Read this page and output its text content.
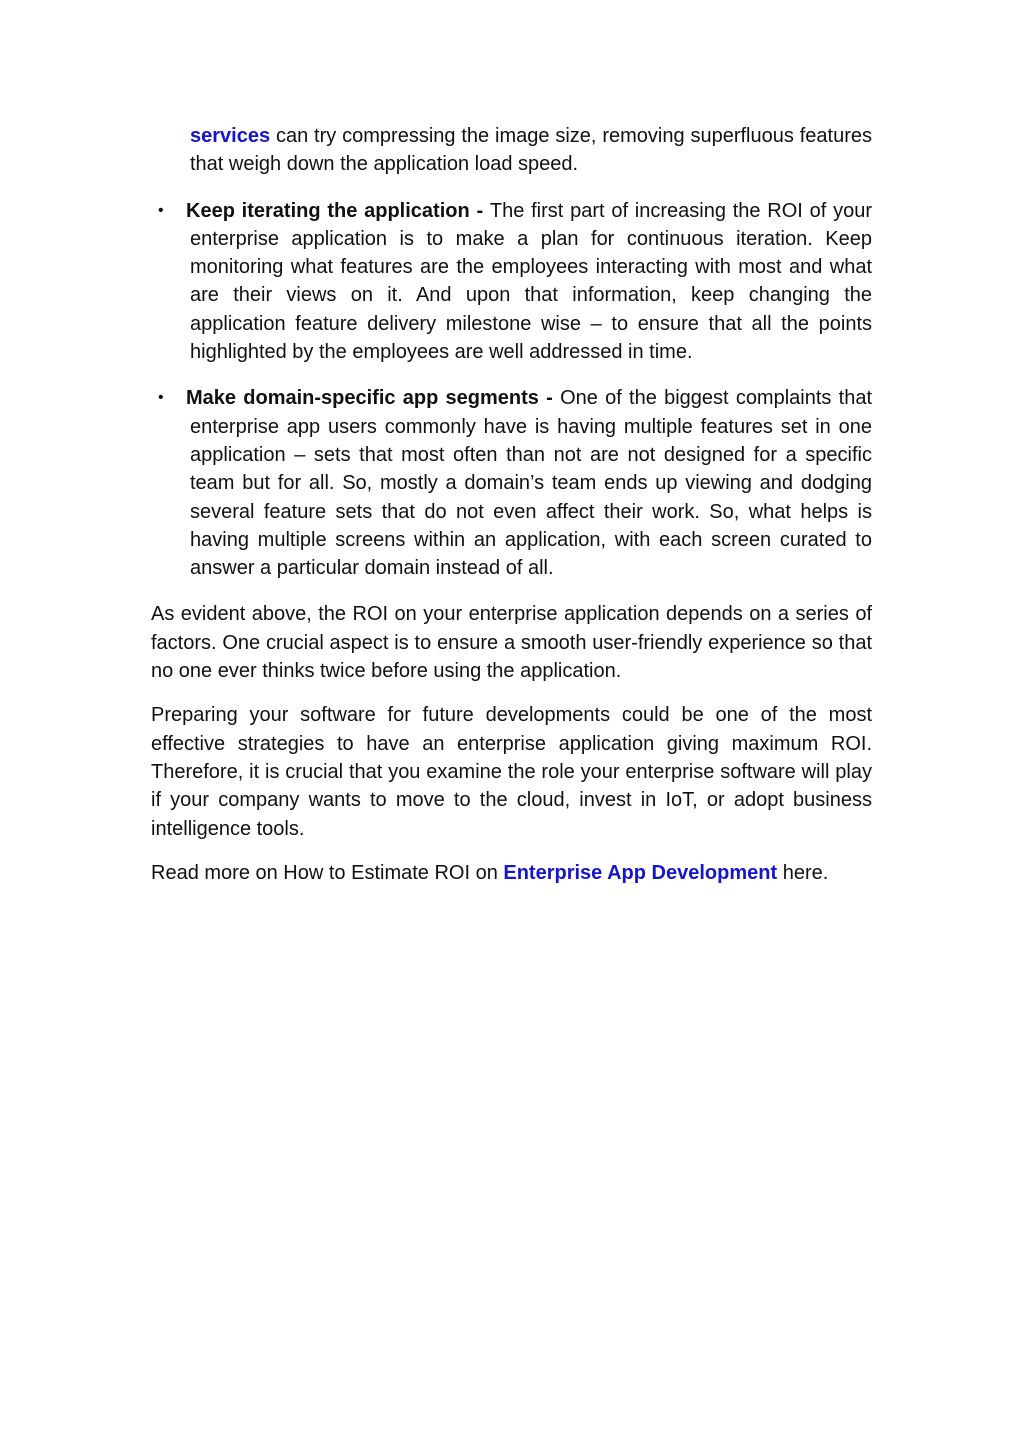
services can try compressing the image size, removing superfluous features that weigh down the application load speed.

• Keep iterating the application - The first part of increasing the ROI of your enterprise application is to make a plan for continuous iteration. Keep monitoring what features are the employees interacting with most and what are their views on it. And upon that information, keep changing the application feature delivery milestone wise – to ensure that all the points highlighted by the employees are well addressed in time.
• Make domain-specific app segments - One of the biggest complaints that enterprise app users commonly have is having multiple features set in one application – sets that most often than not are not designed for a specific team but for all. So, mostly a domain’s team ends up viewing and dodging several feature sets that do not even affect their work. So, what helps is having multiple screens within an application, with each screen curated to answer a particular domain instead of all.

As evident above, the ROI on your enterprise application depends on a series of factors. One crucial aspect is to ensure a smooth user-friendly experience so that no one ever thinks twice before using the application.

Preparing your software for future developments could be one of the most effective strategies to have an enterprise application giving maximum ROI. Therefore, it is crucial that you examine the role your enterprise software will play if your company wants to move to the cloud, invest in IoT, or adopt business intelligence tools.

Read more on How to Estimate ROI on Enterprise App Development here.
